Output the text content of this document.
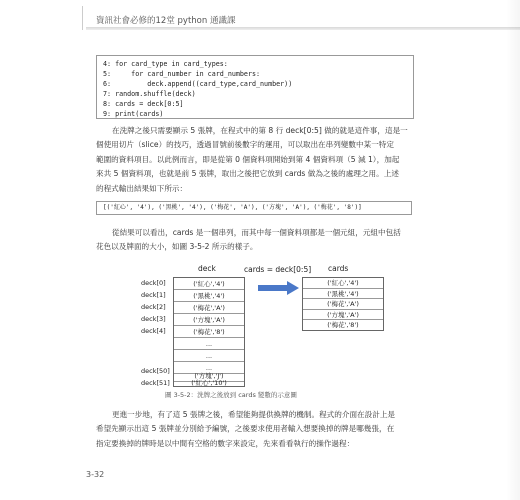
資訊社會必修的12堂 python 通識課
4: for card_type in card_types:
5:     for card_number in card_numbers:
6:         deck.append((card_type,card_number))
7: random.shuffle(deck)
8: cards = deck[0:5]
9: print(cards)
在洗牌之後只需要顯示 5 張牌，在程式中的第 8 行 deck[0:5] 做的就是這件事，這是一
個使用切片（slice）的技巧，透過冒號前後數字的運用，可以取出在串列變數中某一特定
範圍的資料項目。以此例而言，即是從第 0 個資料項開始到第 4 個資料項（5 減 1），加起
來共 5 個資料項，也就是前 5 張牌，取出之後把它放到 cards 做為之後的處理之用。上述
的程式輸出結果如下所示：
[('紅心', '4'), ('黑桃', '4'), ('梅花', 'A'), ('方塊', 'A'), ('梅花', '8')]
從結果可以看出，cards 是一個串列，而其中每一個資料項都是一個元組，元組中包括
花色以及牌面的大小，如圖 3-5-2 所示的樣子。
deck	cards = deck[0:5] cards
deck[0]
deck[1]
deck[2]
deck[3]
deck[4]
deck[50]
deck[51]
('紅心','4')
('黑桃','4')
('梅花','A')
('方塊','A')
('梅花','8')
...
...
...
('方塊','J')
('紅心','10')
('紅心','4')
('黑桃','4')
('梅花','A')
('方塊','A')
('梅花','8')
圖 3-5-2：洗牌之後放到 cards 變數的示意圖
更進一步地，有了這 5 張牌之後，希望能夠提供換牌的機制。程式的介面在設計上是
希望先顯示出這 5 張牌並分別給予編號，之後要求使用者輸入想要換掉的牌是哪幾張，在
指定要換掉的牌時是以中間有空格的數字來設定，先來看看執行的操作過程：
3-32
